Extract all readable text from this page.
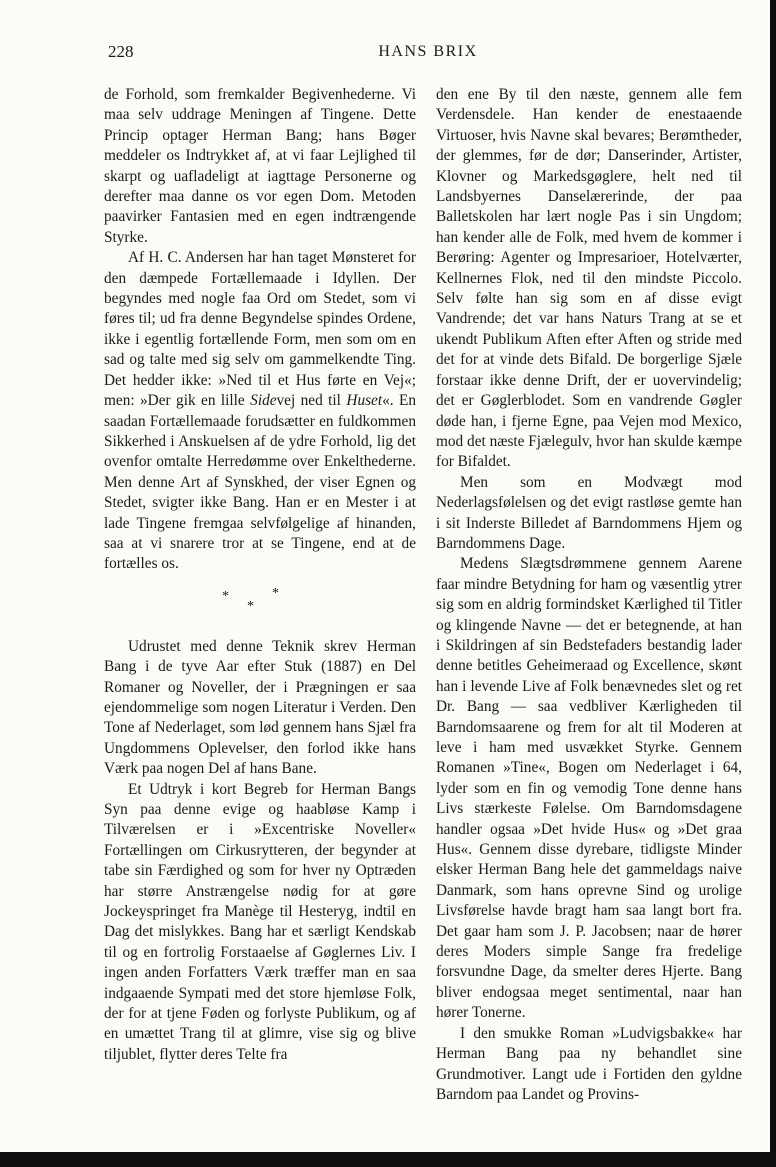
228	HANS BRIX

de Forhold, som fremkalder Begivenhederne. Vi maa selv uddrage Meningen af Tingene. Dette Princip optager Herman Bang; hans Bøger meddeler os Indtrykket af, at vi faar Lejlighed til skarpt og uafladeligt at iagttage Personerne og derefter maa danne os vor egen Dom. Metoden paavirker Fantasien med en egen indtrængende Styrke.

Af H. C. Andersen har han taget Mønsteret for den dæmpede Fortællemaade i Idyllen. Der begyndes med nogle faa Ord om Stedet, som vi føres til; ud fra denne Begyndelse spindes Ordene, ikke i egentlig fortællende Form, men som om en sad og talte med sig selv om gammelkendte Ting. Det hedder ikke: »Ned til et Hus førte en Vej«; men: »Der gik en lille Sidevej ned til Huset«. En saadan Fortællemaade forudsætter en fuldkommen Sikkerhed i Anskuelsen af de ydre Forhold, lig det ovenfor omtalte Herredømme over Enkelthederne. Men denne Art af Synskhed, der viser Egnen og Stedet, svigter ikke Bang. Han er en Mester i at lade Tingene fremgaa selvfølgelige af hinanden, saa at vi snarere tror at se Tingene, end at de fortælles os.

*
*
*

Udrustet med denne Teknik skrev Herman Bang i de tyve Aar efter Stuk (1887) en Del Romaner og Noveller, der i Prægningen er saa ejendommelige som nogen Literatur i Verden. Den Tone af Nederlaget, som lød gennem hans Sjæl fra Ungdommens Oplevelser, den forlod ikke hans Værk paa nogen Del af hans Bane.

Et Udtryk i kort Begreb for Herman Bangs Syn paa denne evige og haabløse Kamp i Tilværelsen er i »Excentriske Noveller« Fortællingen om Cirkusrytteren, der begynder at tabe sin Færdighed og som for hver ny Optræden har større Anstrængelse nødig for at gøre Jockeyspringet fra Manège til Hesteryg, indtil en Dag det mislykkes. Bang har et særligt Kendskab til og en fortrolig Forstaaelse af Gøglernes Liv. I ingen anden Forfatters Værk træffer man en saa indgaaende Sympati med det store hjemløse Folk, der for at tjene Føden og forlyste Publikum, og af en umættet Trang til at glimre, vise sig og blive tiljublet, flytter deres Telte fra

den ene By til den næste, gennem alle fem Verdensdele. Han kender de enestaaende Virtuoser, hvis Navne skal bevares; Berømtheder, der glemmes, før de dør; Danserinder, Artister, Klovner og Markedsgøglere, helt ned til Landsbyernes Danselærerinde, der paa Balletskolen har lært nogle Pas i sin Ungdom; han kender alle de Folk, med hvem de kommer i Berøring: Agenter og Impresarioer, Hotelværter, Kellnernes Flok, ned til den mindste Piccolo. Selv følte han sig som en af disse evigt Vandrende; det var hans Naturs Trang at se et ukendt Publikum Aften efter Aften og stride med det for at vinde dets Bifald. De borgerlige Sjæle forstaar ikke denne Drift, der er uovervindelig; det er Gøglerblodet. Som en vandrende Gøgler døde han, i fjerne Egne, paa Vejen mod Mexico, mod det næste Fjælegulv, hvor han skulde kæmpe for Bifaldet.

Men som en Modvægt mod Nederlagsfølelsen og det evigt rastløse gemte han i sit Inderste Billedet af Barndommens Hjem og Barndommens Dage.

Medens Slægtsdrømmene gennem Aarene faar mindre Betydning for ham og væsentlig ytrer sig som en aldrig formindsket Kærlighed til Titler og klingende Navne — det er betegnende, at han i Skildringen af sin Bedstefaders bestandig lader denne betitles Geheimeraad og Excellence, skønt han i levende Live af Folk benævnedes slet og ret Dr. Bang — saa vedbliver Kærligheden til Barndomsaarene og frem for alt til Moderen at leve i ham med usvækket Styrke. Gennem Romanen »Tine«, Bogen om Nederlaget i 64, lyder som en fin og vemodig Tone denne hans Livs stærkeste Følelse. Om Barndomsdagene handler ogsaa »Det hvide Hus« og »Det graa Hus«. Gennem disse dyrebare, tidligste Minder elsker Herman Bang hele det gammeldags naive Danmark, som hans oprevne Sind og urolige Livsførelse havde bragt ham saa langt bort fra. Det gaar ham som J. P. Jacobsen; naar de hører deres Moders simple Sange fra fredelige forsvundne Dage, da smelter deres Hjerte. Bang bliver endogsaa meget sentimental, naar han hører Tonerne.

I den smukke Roman »Ludvigsbakke« har Herman Bang paa ny behandlet sine Grundmotiver. Langt ude i Fortiden den gyldne Barndom paa Landet og Provins-
